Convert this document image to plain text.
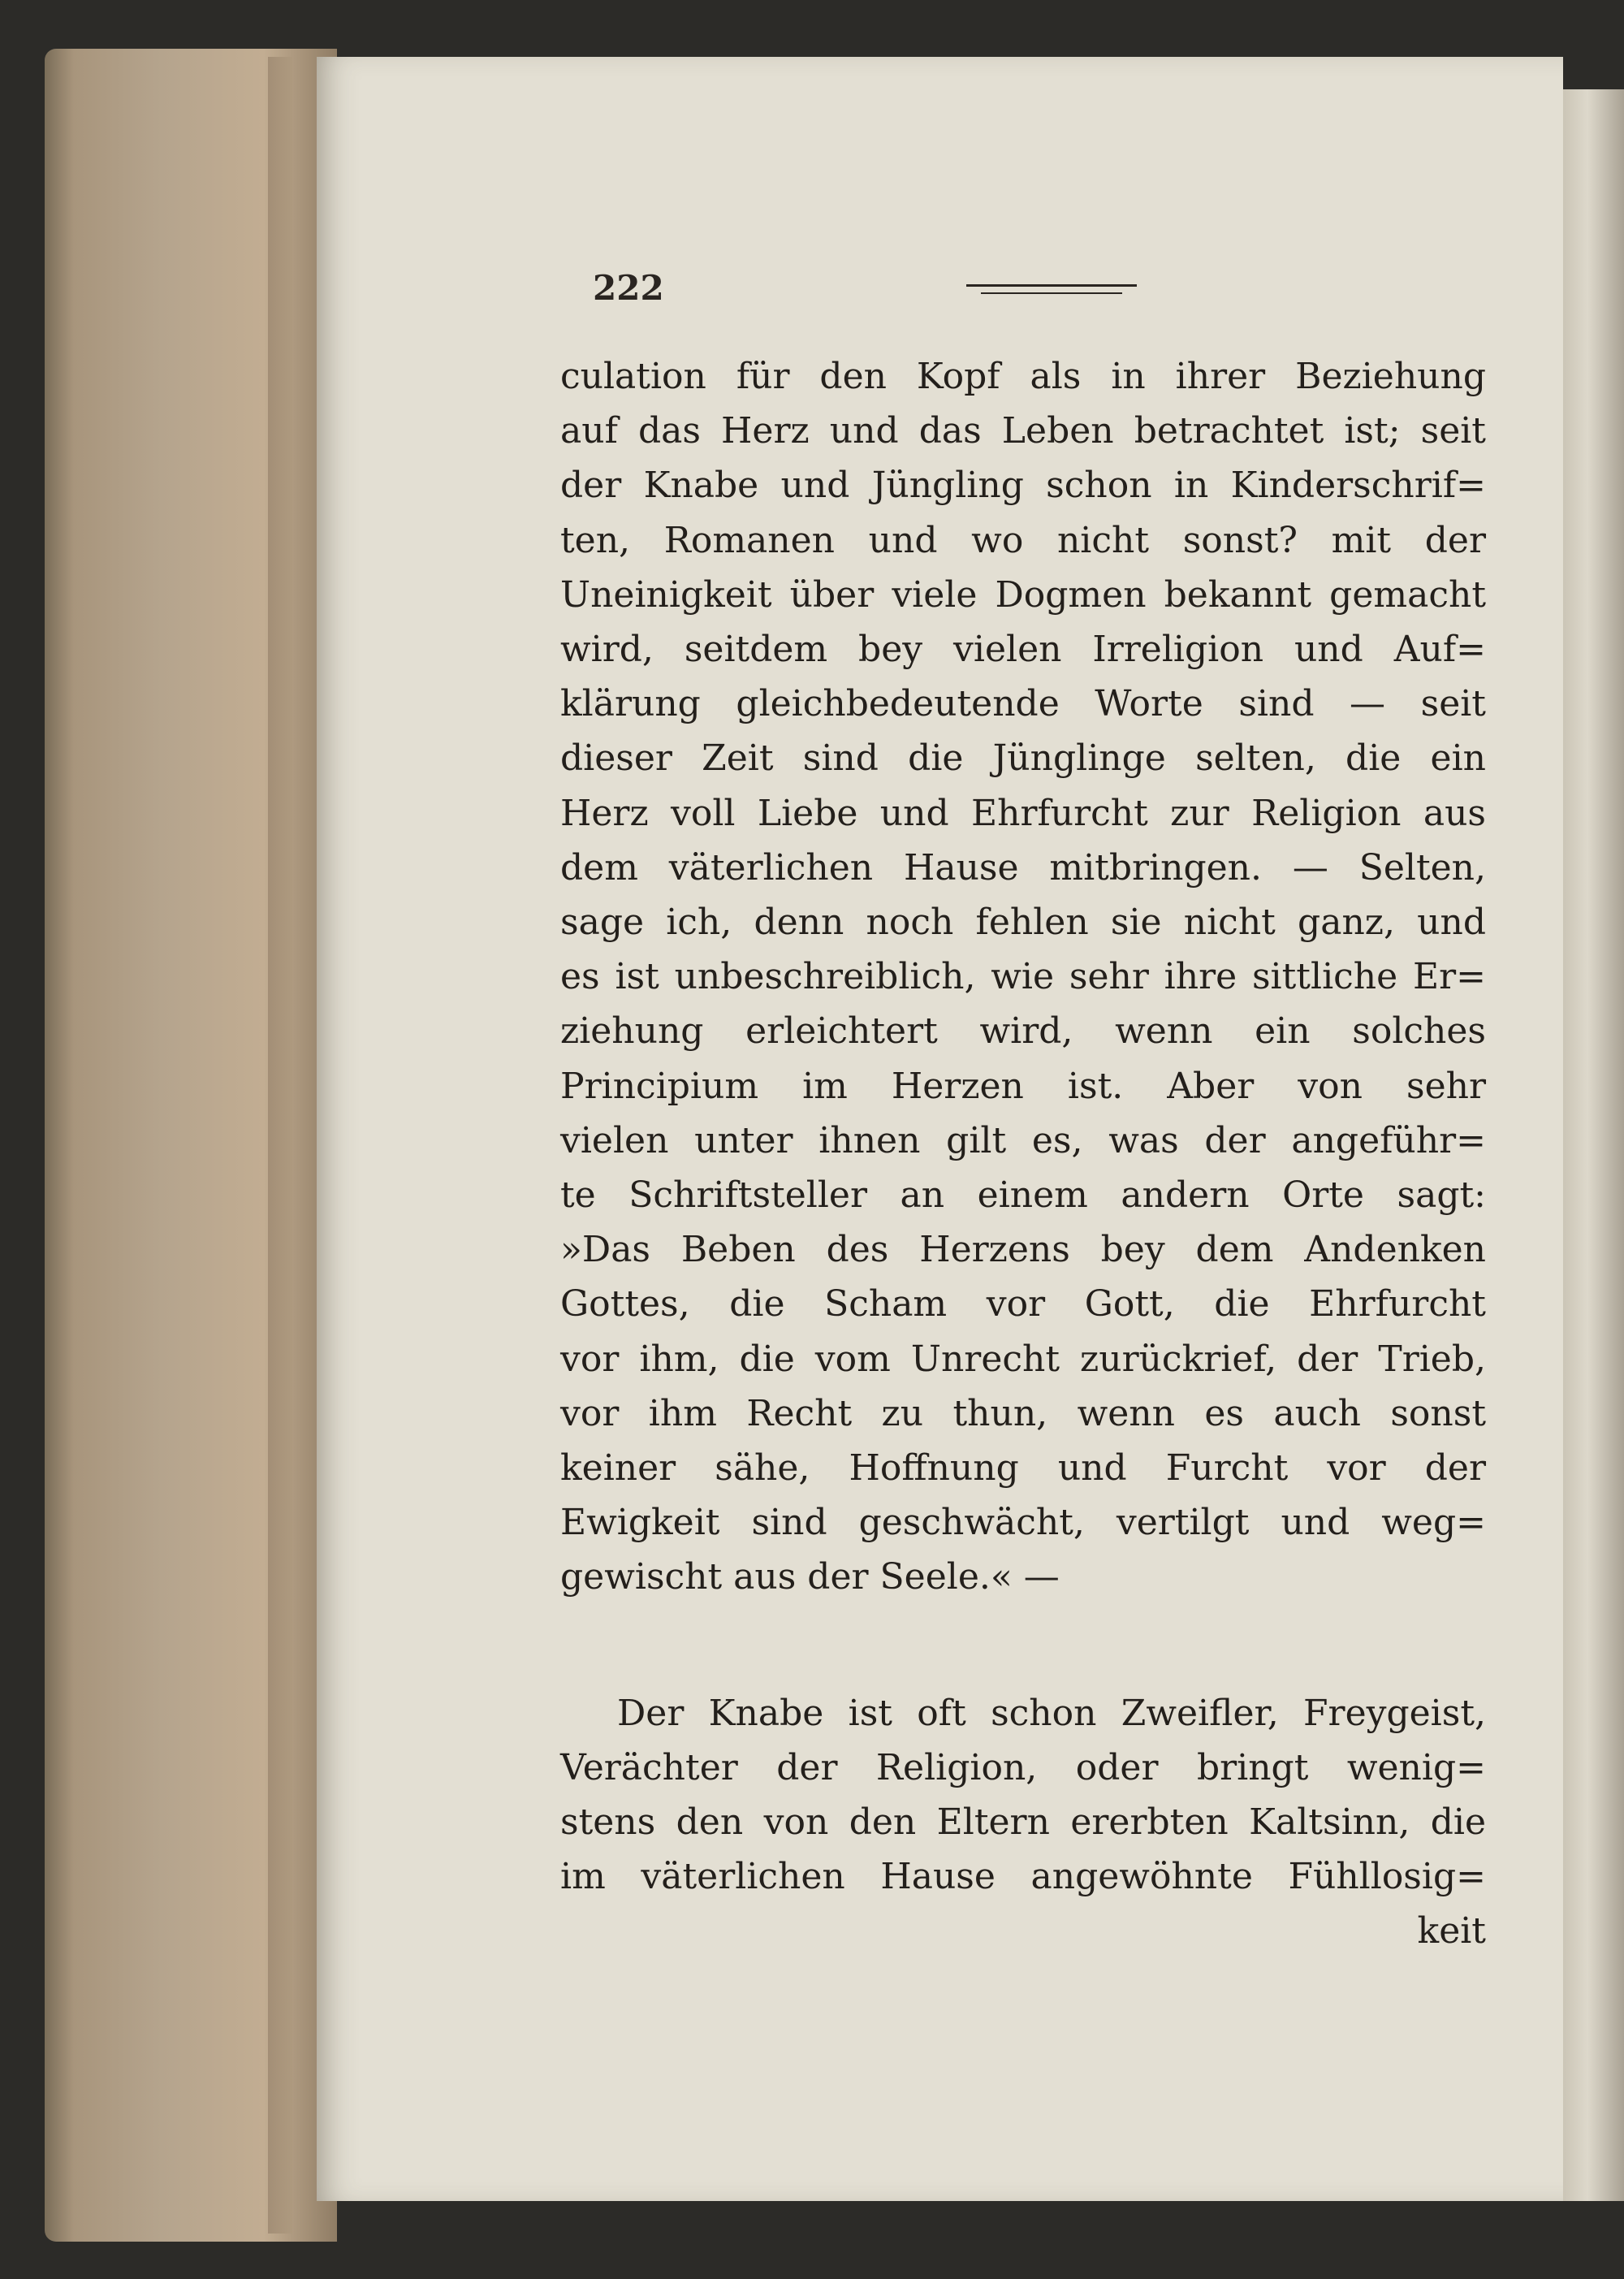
222
culation für den Kopf als in ihrer Beziehung
auf das Herz und das Leben betrachtet ist; seit
der Knabe und Jüngling schon in Kinderschrif=
ten, Romanen und wo nicht sonst? mit der
Uneinigkeit über viele Dogmen bekannt gemacht
wird, seitdem bey vielen Irreligion und Auf=
klärung gleichbedeutende Worte sind — seit
dieser Zeit sind die Jünglinge selten, die ein
Herz voll Liebe und Ehrfurcht zur Religion aus
dem väterlichen Hause mitbringen. — Selten,
sage ich, denn noch fehlen sie nicht ganz, und
es ist unbeschreiblich, wie sehr ihre sittliche Er=
ziehung erleichtert wird, wenn ein solches
Principium im Herzen ist. Aber von sehr
vielen unter ihnen gilt es, was der angeführ=
te Schriftsteller an einem andern Orte sagt:
»Das Beben des Herzens bey dem Andenken
Gottes, die Scham vor Gott, die Ehrfurcht
vor ihm, die vom Unrecht zurückrief, der Trieb,
vor ihm Recht zu thun, wenn es auch sonst
keiner sähe, Hoffnung und Furcht vor der
Ewigkeit sind geschwächt, vertilgt und weg=
gewischt aus der Seele.« —
Der Knabe ist oft schon Zweifler, Freygeist,
Verächter der Religion, oder bringt wenig=
stens den von den Eltern ererbten Kaltsinn, die
im väterlichen Hause angewöhnte Fühllosig=
keit
